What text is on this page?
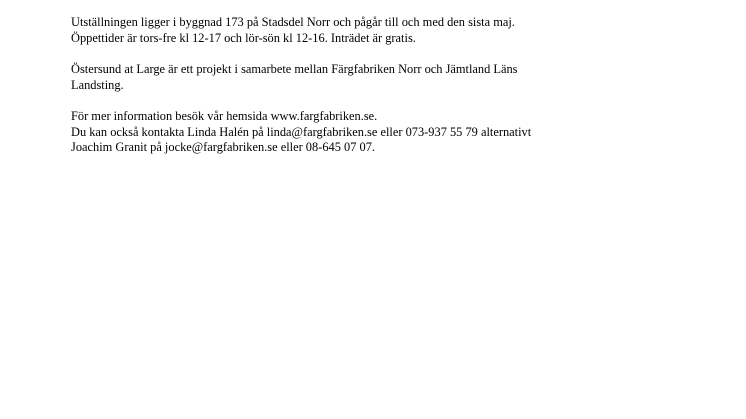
Utställningen ligger i byggnad 173 på Stadsdel Norr och pågår till och med den sista maj.
Öppettider är tors-fre kl 12-17 och lör-sön kl 12-16. Inträdet är gratis.

Östersund at Large är ett projekt i samarbete mellan Färgfabriken Norr och Jämtland Läns
Landsting.

För mer information besök vår hemsida www.fargfabriken.se.
Du kan också kontakta Linda Halén på linda@fargfabriken.se eller 073-937 55 79 alternativt
Joachim Granit på jocke@fargfabriken.se eller 08-645 07 07.
